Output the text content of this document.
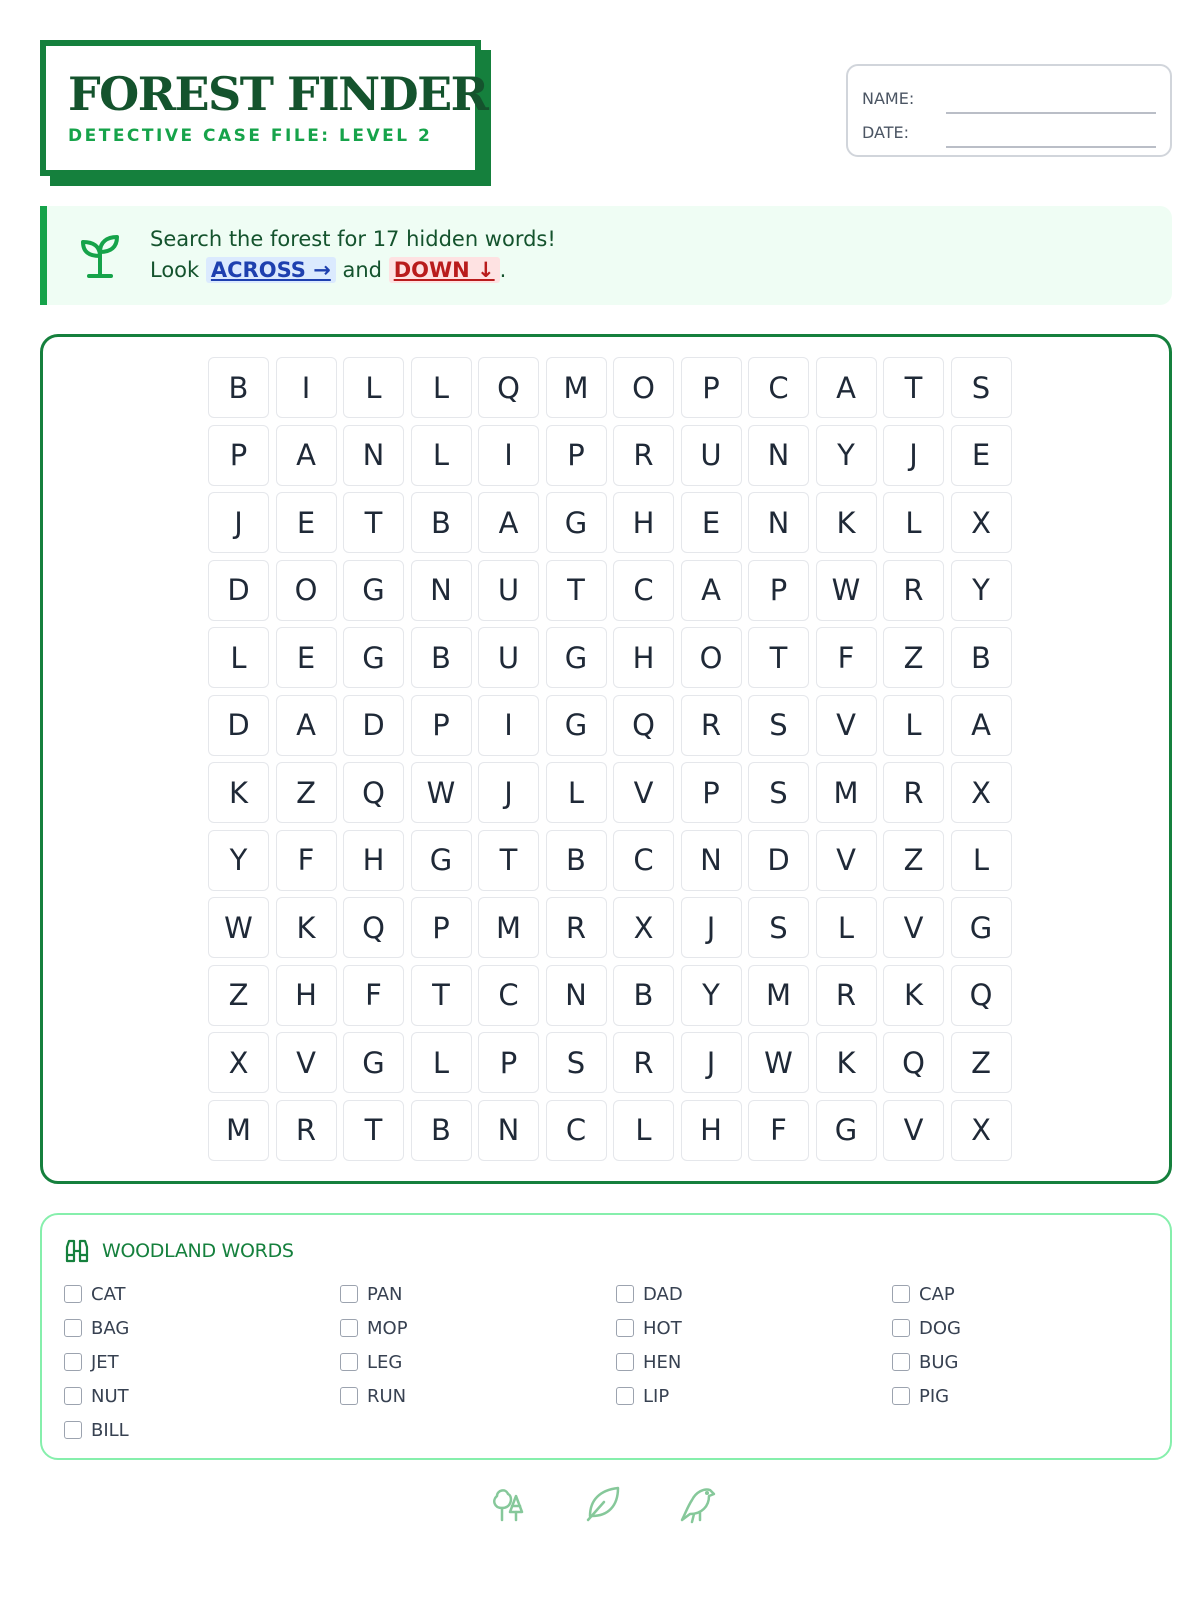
FOREST FINDER
DETECTIVE CASE FILE: LEVEL 2
NAME:
DATE:
Search the forest for 17 hidden words!
Look ACROSS → and DOWN ↓ .
B	I	L	L	Q	M	O	P	C	A	T	S
P	A	N	L	I	P	R	U	N	Y	J	E
J	E	T	B	A	G	H	E	N	K	L	X
D	O	G	N	U	T	C	A	P	W	R	Y
L	E	G	B	U	G	H	O	T	F	Z	B
D	A	D	P	I	G	Q	R	S	V	L	A
K	Z	Q	W	J	L	V	P	S	M	R	X
Y	F	H	G	T	B	C	N	D	V	Z	L
W	K	Q	P	M	R	X	J	S	L	V	G
Z	H	F	T	C	N	B	Y	M	R	K	Q
X	V	G	L	P	S	R	J	W	K	Q	Z
M	R	T	B	N	C	L	H	F	G	V	X
WOODLAND WORDS
CAT	PAN	DAD	CAP
BAG	MOP	HOT	DOG
JET	LEG	HEN	BUG
NUT	RUN	LIP	PIG
BILL
